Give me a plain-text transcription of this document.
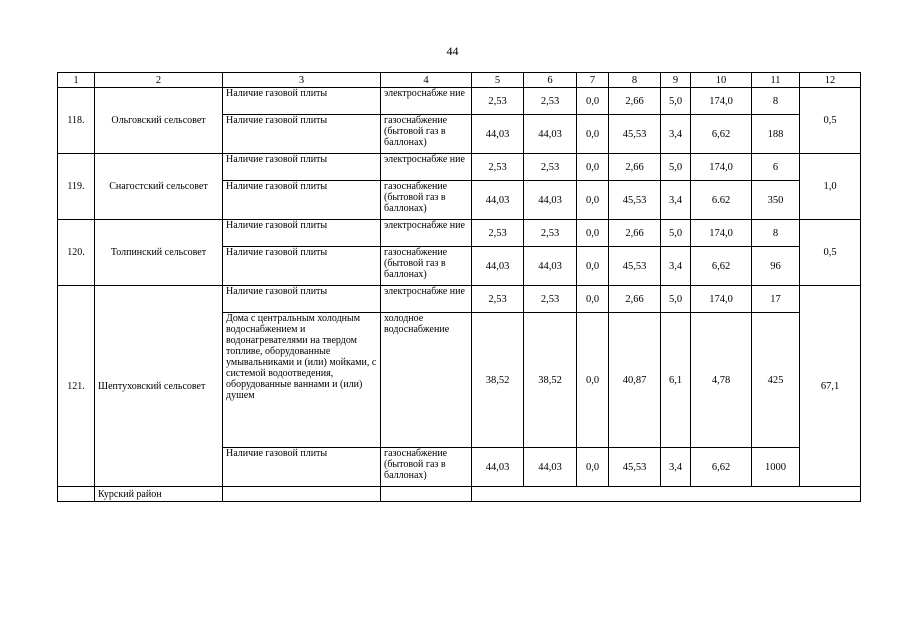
44
1	2	3	4	5	6	7	8	9	10	11	12
118.	Ольговский сельсовет	Наличие газовой плиты	электроснабже ние	2,53	2,53	0,0	2,66	5,0	174,0	8	0,5
		Наличие газовой плиты	газоснабжение (бытовой газ в баллонах)	44,03	44,03	0,0	45,53	3,4	6,62	188	
119.	Снагостский сельсовет	Наличие газовой плиты	электроснабже ние	2,53	2,53	0,0	2,66	5,0	174,0	6	1,0
		Наличие газовой плиты	газоснабжение (бытовой газ в баллонах)	44,03	44,03	0,0	45,53	3,4	6.62	350	
120.	Толпинский сельсовет	Наличие газовой плиты	электроснабже ние	2,53	2,53	0,0	2,66	5,0	174,0	8	0,5
		Наличие газовой плиты	газоснабжение (бытовой газ в баллонах)	44,03	44,03	0,0	45,53	3,4	6,62	96	
121.	Шептуховский сельсовет	Наличие газовой плиты	электроснабже ние	2,53	2,53	0,0	2,66	5,0	174,0	17	67,1
		Дома с центральным холодным водоснабжением и водонагревателями на твердом топливе, оборудованные умывальниками и (или) мойками, с системой водоотведения, оборудованные ваннами и (или) душем	холодное водоснабжение	38,52	38,52	0,0	40,87	6,1	4,78	425	
		Наличие газовой плиты	газоснабжение (бытовой газ в баллонах)	44,03	44,03	0,0	45,53	3,4	6,62	1000	
	Курский район										
